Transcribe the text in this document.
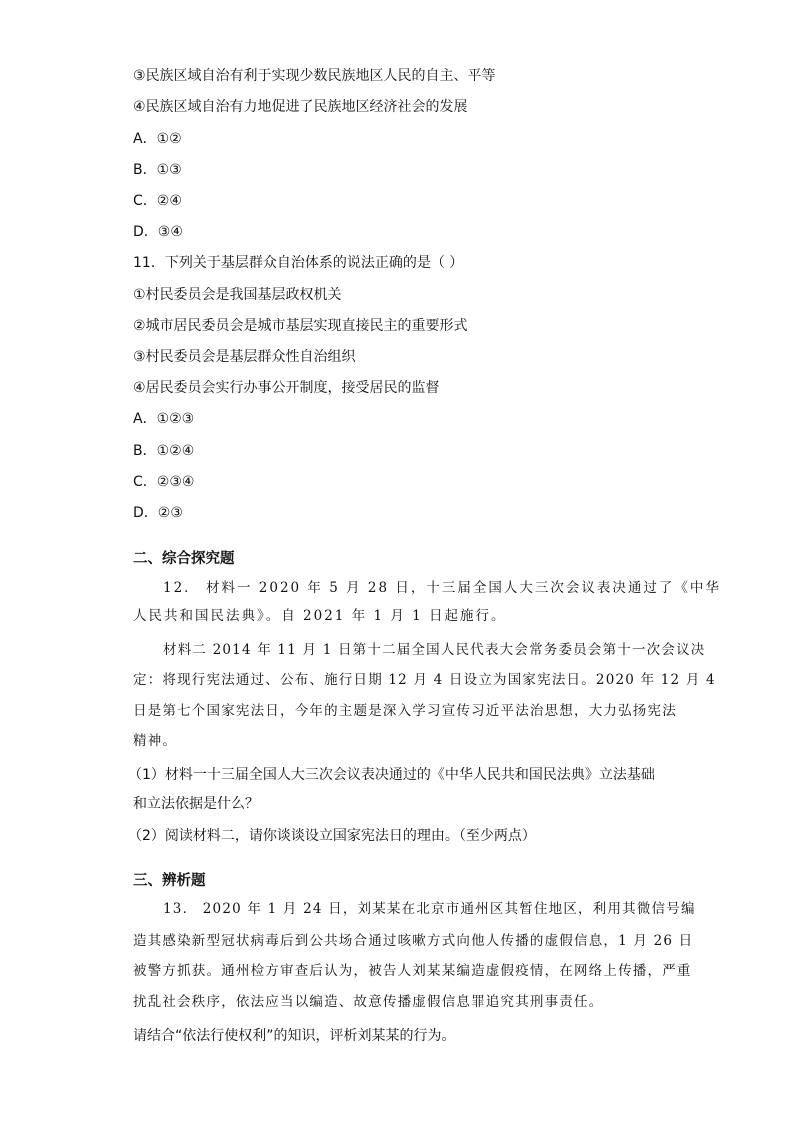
③民族区域自治有利于实现少数民族地区人民的自主、平等
④民族区域自治有力地促进了民族地区经济社会的发展
A．①②
B．①③
C．②④
D．③④
11．下列关于基层群众自治体系的说法正确的是（ ）
①村民委员会是我国基层政权机关
②城市居民委员会是城市基层实现直接民主的重要形式
③村民委员会是基层群众性自治组织
④居民委员会实行办事公开制度，接受居民的监督
A．①②③
B．①②④
C．②③④
D．②③
二、综合探究题
12． 材料一 2020 年 5 月 28 日，十三届全国人大三次会议表决通过了《中华
人民共和国民法典》。自 2021 年 1 月 1 日起施行。
材料二 2014 年 11 月 1 日第十二届全国人民代表大会常务委员会第十一次会议决
定：将现行宪法通过、公布、施行日期 12 月 4 日设立为国家宪法日。2020 年 12 月 4
日是第七个国家宪法日，今年的主题是深入学习宣传习近平法治思想，大力弘扬宪法
精神。
（1）材料一十三届全国人大三次会议表决通过的《中华人民共和国民法典》立法基础
和立法依据是什么？
（2）阅读材料二，请你谈谈设立国家宪法日的理由。（至少两点）
三、辨析题
13． 2020 年 1 月 24 日，刘某某在北京市通州区其暂住地区，利用其微信号编
造其感染新型冠状病毒后到公共场合通过咳嗽方式向他人传播的虚假信息，1 月 26 日
被警方抓获。通州检方审查后认为，被告人刘某某编造虚假疫情，在网络上传播，严重
扰乱社会秩序，依法应当以编造、故意传播虚假信息罪追究其刑事责任。
请结合“依法行使权利”的知识，评析刘某某的行为。
